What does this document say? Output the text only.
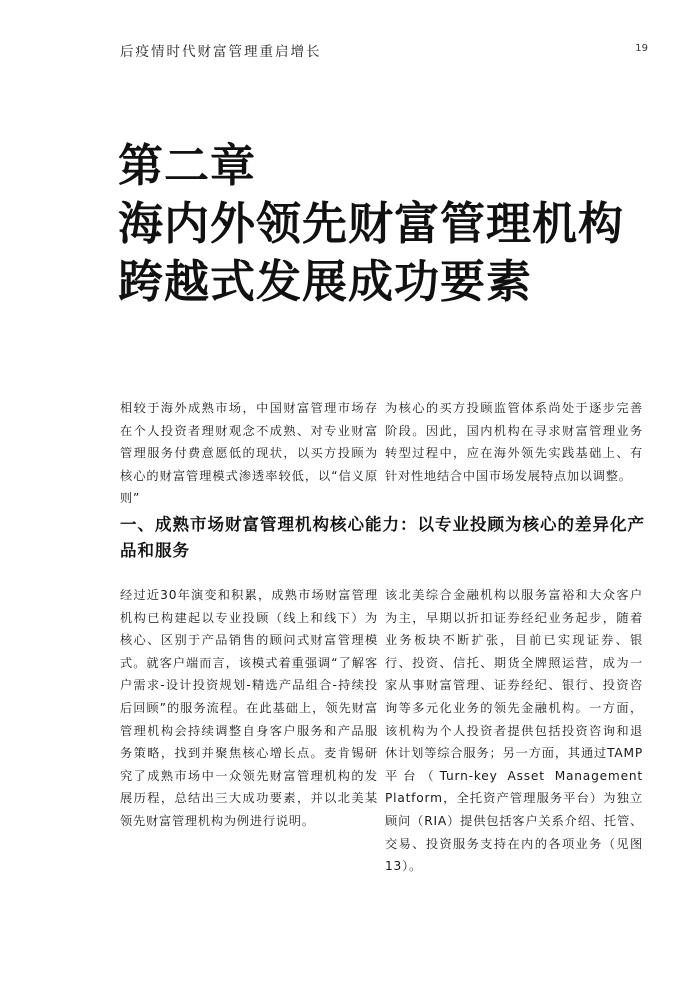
后疫情时代财富管理重启增长	19
第二章
海内外领先财富管理机构
跨越式发展成功要素

相较于海外成熟市场，中国财富管理市场存在个人投资者理财观念不成熟、对专业财富管理服务付费意愿低的现状，以买方投顾为核心的财富管理模式渗透率较低，以“信义原则”

为核心的买方投顾监管体系尚处于逐步完善阶段。因此，国内机构在寻求财富管理业务转型过程中，应在海外领先实践基础上、有针对性地结合中国市场发展特点加以调整。

一、成熟市场财富管理机构核心能力：以专业投顾为核心的差异化产品和服务

经过近30年演变和积累，成熟市场财富管理机构已构建起以专业投顾（线上和线下）为核心、区别于产品销售的顾问式财富管理模式。就客户端而言，该模式着重强调“了解客户需求-设计投资规划-精选产品组合-持续投后回顾”的服务流程。在此基础上，领先财富管理机构会持续调整自身客户服务和产品服务策略，找到并聚焦核心增长点。麦肯锡研究了成熟市场中一众领先财富管理机构的发展历程，总结出三大成功要素，并以北美某领先财富管理机构为例进行说明。

该北美综合金融机构以服务富裕和大众客户为主，早期以折扣证券经纪业务起步，随着业务板块不断扩张，目前已实现证券、银行、投资、信托、期货全牌照运营，成为一家从事财富管理、证券经纪、银行、投资咨询等多元化业务的领先金融机构。一方面，该机构为个人投资者提供包括投资咨询和退休计划等综合服务；另一方面，其通过TAMP平台（Turn-key Asset Management Platform，全托资产管理服务平台）为独立顾问（RIA）提供包括客户关系介绍、托管、交易、投资服务支持在内的各项业务（见图13）。
